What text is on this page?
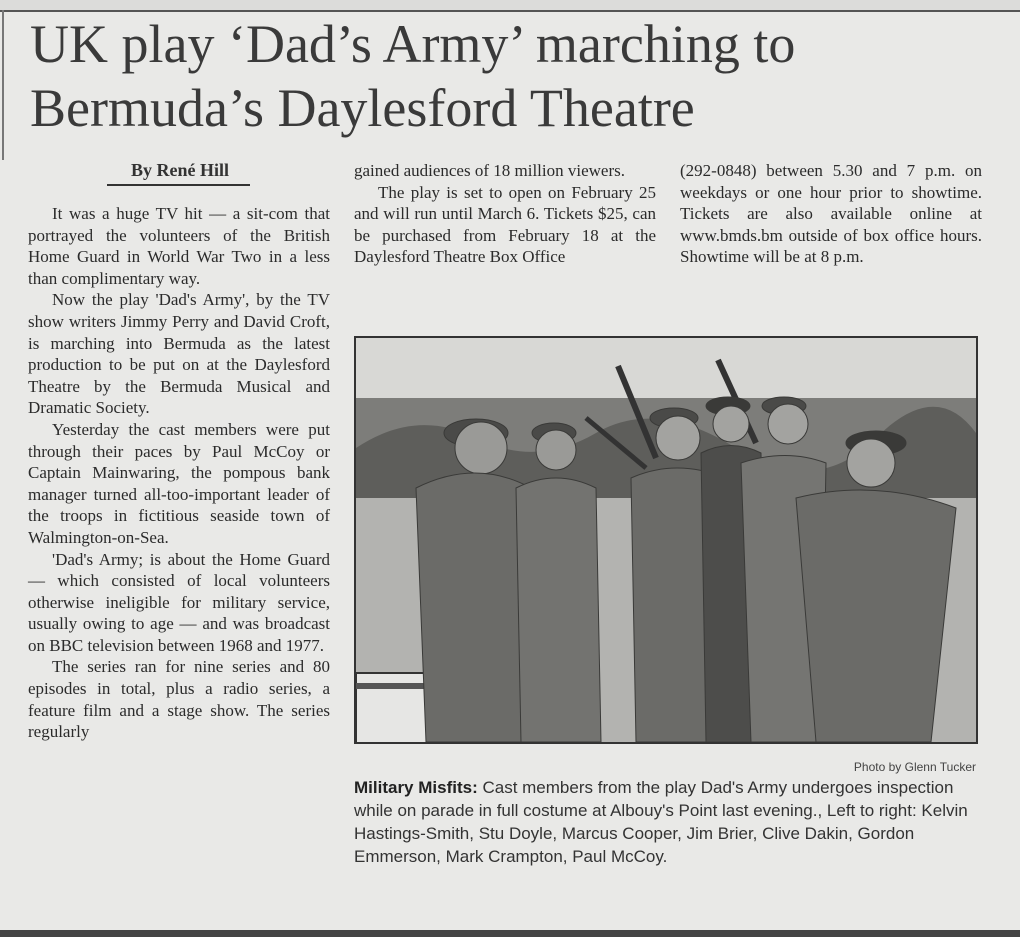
UK play ‘Dad’s Army’ marching to Bermuda’s Daylesford Theatre
By René Hill

It was a huge TV hit — a sit-com that portrayed the volunteers of the British Home Guard in World War Two in a less than complimentary way.

Now the play 'Dad's Army', by the TV show writers Jimmy Perry and David Croft, is marching into Bermuda as the latest production to be put on at the Daylesford Theatre by the Bermuda Musical and Dramatic Society.

Yesterday the cast members were put through their paces by Paul McCoy or Captain Mainwaring, the pompous bank manager turned all-too-important leader of the troops in fictitious seaside town of Walmington-on-Sea.

'Dad's Army; is about the Home Guard — which consisted of local volunteers otherwise ineligible for military service, usually owing to age — and was broadcast on BBC television between 1968 and 1977.

The series ran for nine series and 80 episodes in total, plus a radio series, a feature film and a stage show. The series regularly

gained audiences of 18 million viewers.

The play is set to open on February 25 and will run until March 6. Tickets $25, can be purchased from February 18 at the Daylesford Theatre Box Office

(292-0848) between 5.30 and 7 p.m. on weekdays or one hour prior to showtime. Tickets are also available online at www.bmds.bm outside of box office hours. Showtime will be at 8 p.m.

Photo by Glenn Tucker

Military Misfits: Cast members from the play Dad's Army undergoes inspection while on parade in full costume at Albouy's Point last evening., Left to right: Kelvin Hastings-Smith, Stu Doyle, Marcus Cooper, Jim Brier, Clive Dakin, Gordon Emmerson, Mark Crampton, Paul McCoy.
